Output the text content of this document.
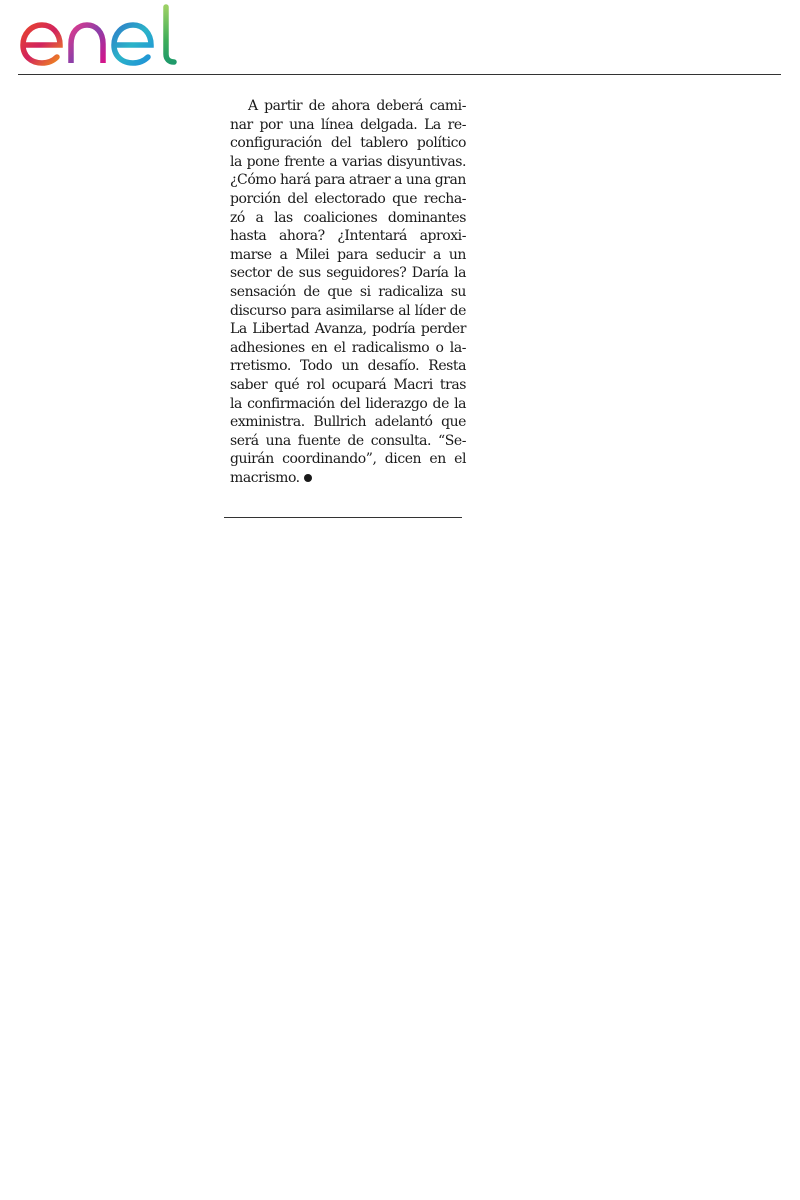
A partir de ahora deberá cami-
nar por una línea delgada. La re-
configuración del tablero político
la pone frente a varias disyuntivas.
¿Cómo hará para atraer a una gran
porción del electorado que recha-
zó a las coaliciones dominantes
hasta ahora? ¿Intentará aproxi-
marse a Milei para seducir a un
sector de sus seguidores? Daría la
sensación de que si radicaliza su
discurso para asimilarse al líder de
La Libertad Avanza, podría perder
adhesiones en el radicalismo o la-
rretismo. Todo un desafío. Resta
saber qué rol ocupará Macri tras
la confirmación del liderazgo de la
exministra. Bullrich adelantó que
será una fuente de consulta. “Se-
guirán coordinando”, dicen en el
macrismo.
